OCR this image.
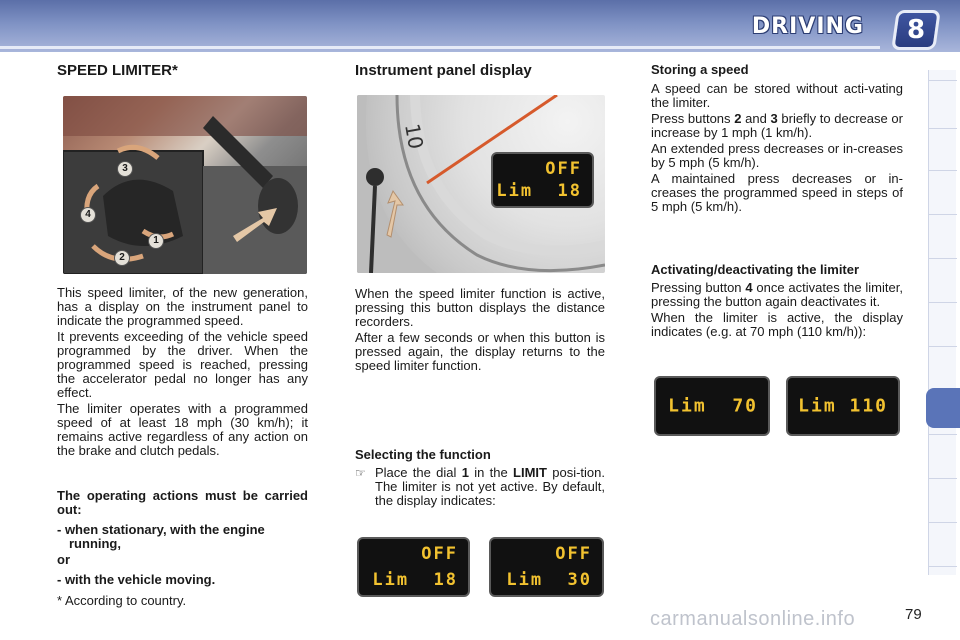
DRIVING 8
SPEED LIMITER*
3
4
1
2

This speed limiter, of the new generation, has a display on the instrument panel to indicate the programmed speed.

It prevents exceeding of the vehicle speed programmed by the driver. When the programmed speed is reached, pressing the accelerator pedal no longer has any effect.

The limiter operates with a programmed speed of at least 18 mph (30 km/h); it remains active regardless of any action on the brake and clutch pedals.

The operating actions must be carried out:

- when stationary, with the engine running,

or

- with the vehicle moving.

* According to country.
Instrument panel display
10
OFF
Lim  18

When the speed limiter function is active, pressing this button displays the distance recorders.

After a few seconds or when this button is pressed again, the display returns to the speed limiter function.

Selecting the function
☞ Place the dial 1 in the LIMIT posi-tion. The limiter is not yet active. By default, the display indicates:

OFF
Lim  18
OFF
Lim  30
Storing a speed

A speed can be stored without acti-vating the limiter.

Press buttons 2 and 3 briefly to decrease or increase by 1 mph (1 km/h).

An extended press decreases or in-creases by 5 mph (5 km/h).

A maintained press decreases or in-creases the programmed speed in steps of 5 mph (5 km/h).

Activating/deactivating the limiter

Pressing button 4 once activates the limiter, pressing the button again deactivates it.

When the limiter is active, the display indicates (e.g. at 70 mph (110 km/h)):

Lim  70 Lim 110
carmanualsonline.info	79
